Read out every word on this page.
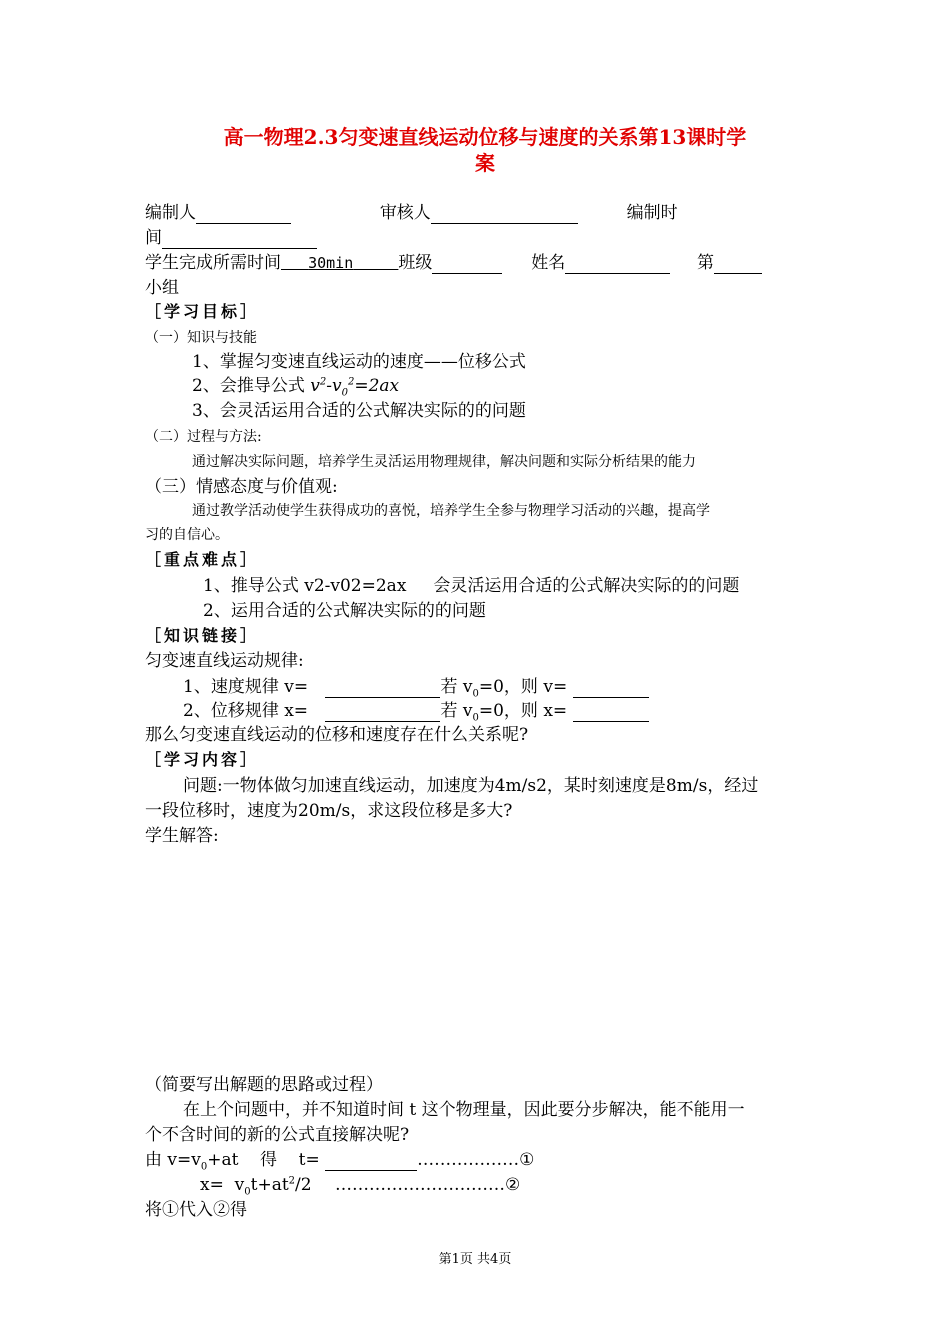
高一物理2.3匀变速直线运动位移与速度的关系第13课时学
案
编制人	审核人	编制时
间
学生完成所需时间 30min	班级	姓名	第
小组
［学习目标］
（一）知识与技能
1、掌握匀变速直线运动的速度——位移公式
2、会推导公式 $v^2-v_0^2=2ax$
3、会灵活运用合适的公式解决实际的的问题
（二）过程与方法:
通过解决实际问题，培养学生灵活运用物理规律，解决问题和实际分析结果的能力
（三）情感态度与价值观:
通过教学活动使学生获得成功的喜悦，培养学生全参与物理学习活动的兴趣，提高学
习的自信心。
［重点难点］
1、推导公式 v2-v02=2ax     会灵活运用合适的公式解决实际的的问题
2、运用合适的公式解决实际的的问题
［知识链接］
匀变速直线运动规律:
1、速度规律 v=	若 $v_0=0$，则 v=
2、位移规律 x=	若 $v_0=0$，则 x=
那么匀变速直线运动的位移和速度存在什么关系呢?
［学习内容］
问题:一物体做匀加速直线运动，加速度为4m/s2，某时刻速度是8m/s，经过
一段位移时，速度为20m/s，求这段位移是多大?
学生解答:
（简要写出解题的思路或过程）
在上个问题中，并不知道时间 t 这个物理量，因此要分步解决，能不能用一
个不含时间的新的公式直接解决呢?
由 $v=v_0+at$    得    t=	………………①
$x= v_0t+at^2/2$ …………………………②
将①代入②得
第1页 共4页
